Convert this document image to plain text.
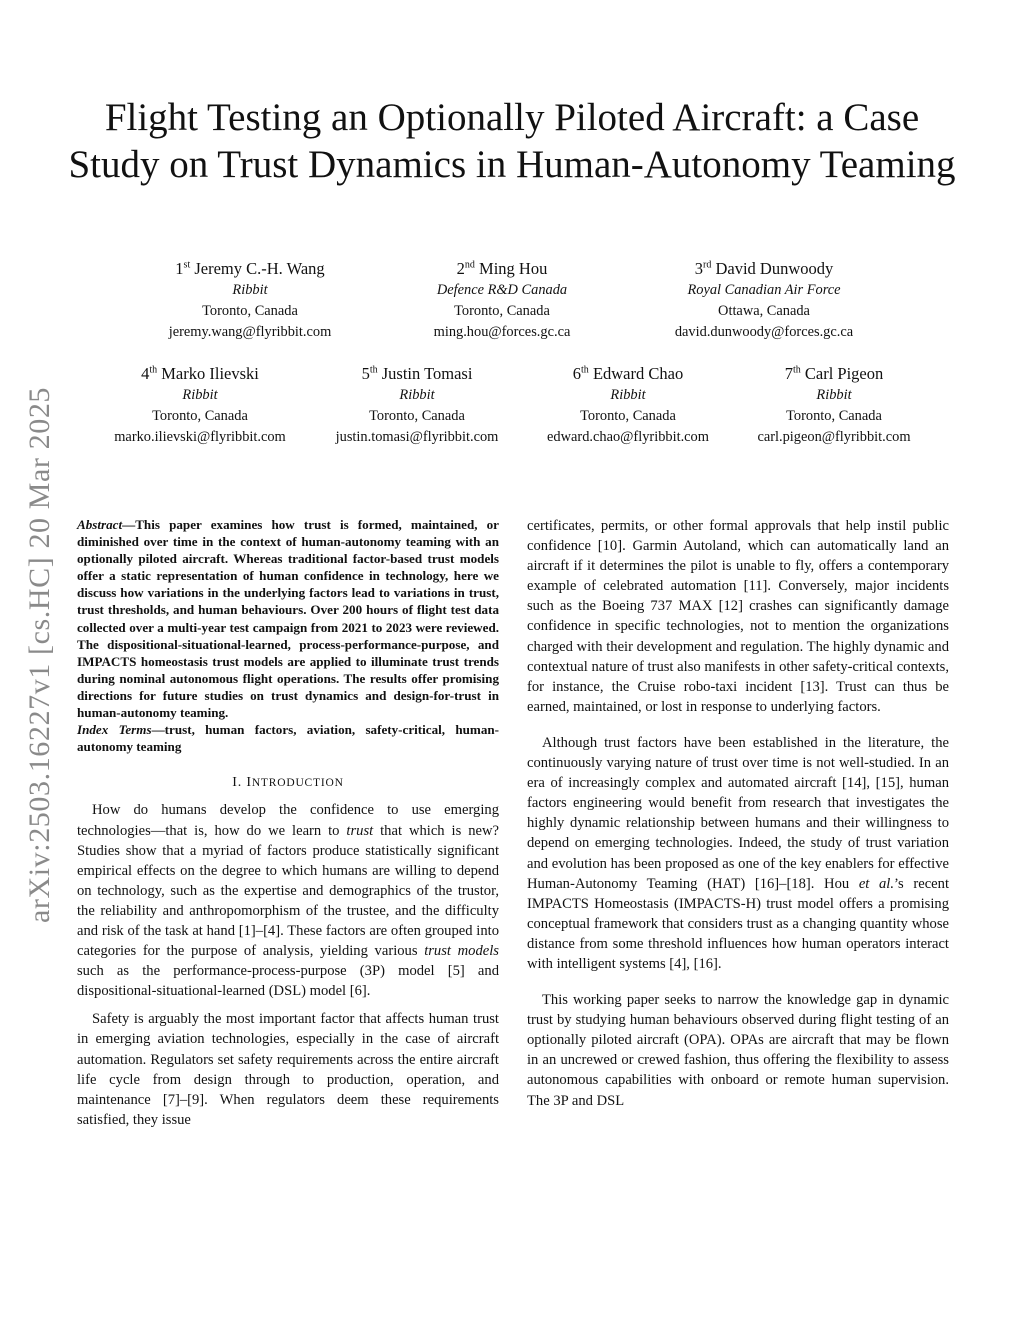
arXiv:2503.16227v1 [cs.HC] 20 Mar 2025
Flight Testing an Optionally Piloted Aircraft: a Case Study on Trust Dynamics in Human-Autonomy Teaming
1st Jeremy C.-H. Wang
Ribbit
Toronto, Canada
jeremy.wang@flyribbit.com
2nd Ming Hou
Defence R&D Canada
Toronto, Canada
ming.hou@forces.gc.ca
3rd David Dunwoody
Royal Canadian Air Force
Ottawa, Canada
david.dunwoody@forces.gc.ca
4th Marko Ilievski
Ribbit
Toronto, Canada
marko.ilievski@flyribbit.com
5th Justin Tomasi
Ribbit
Toronto, Canada
justin.tomasi@flyribbit.com
6th Edward Chao
Ribbit
Toronto, Canada
edward.chao@flyribbit.com
7th Carl Pigeon
Ribbit
Toronto, Canada
carl.pigeon@flyribbit.com
Abstract—This paper examines how trust is formed, maintained, or diminished over time in the context of human-autonomy teaming with an optionally piloted aircraft. Whereas traditional factor-based trust models offer a static representation of human confidence in technology, here we discuss how variations in the underlying factors lead to variations in trust, trust thresholds, and human behaviours. Over 200 hours of flight test data collected over a multi-year test campaign from 2021 to 2023 were reviewed. The dispositional-situational-learned, process-performance-purpose, and IMPACTS homeostasis trust models are applied to illuminate trust trends during nominal autonomous flight operations. The results offer promising directions for future studies on trust dynamics and design-for-trust in human-autonomy teaming.
Index Terms—trust, human factors, aviation, safety-critical, human-autonomy teaming
I. INTRODUCTION

How do humans develop the confidence to use emerging technologies—that is, how do we learn to trust that which is new? Studies show that a myriad of factors produce statistically significant empirical effects on the degree to which humans are willing to depend on technology, such as the expertise and demographics of the trustor, the reliability and anthropomorphism of the trustee, and the difficulty and risk of the task at hand [1]–[4]. These factors are often grouped into categories for the purpose of analysis, yielding various trust models such as the performance-process-purpose (3P) model [5] and dispositional-situational-learned (DSL) model [6].

Safety is arguably the most important factor that affects human trust in emerging aviation technologies, especially in the case of aircraft automation. Regulators set safety requirements across the entire aircraft life cycle from design through to production, operation, and maintenance [7]–[9]. When regulators deem these requirements satisfied, they issue

certificates, permits, or other formal approvals that help instil public confidence [10]. Garmin Autoland, which can automatically land an aircraft if it determines the pilot is unable to fly, offers a contemporary example of celebrated automation [11]. Conversely, major incidents such as the Boeing 737 MAX [12] crashes can significantly damage confidence in specific technologies, not to mention the organizations charged with their development and regulation. The highly dynamic and contextual nature of trust also manifests in other safety-critical contexts, for instance, the Cruise robo-taxi incident [13]. Trust can thus be earned, maintained, or lost in response to underlying factors.

Although trust factors have been established in the literature, the continuously varying nature of trust over time is not well-studied. In an era of increasingly complex and automated aircraft [14], [15], human factors engineering would benefit from research that investigates the highly dynamic relationship between humans and their willingness to depend on emerging technologies. Indeed, the study of trust variation and evolution has been proposed as one of the key enablers for effective Human-Autonomy Teaming (HAT) [16]–[18]. Hou et al.’s recent IMPACTS Homeostasis (IMPACTS-H) trust model offers a promising conceptual framework that considers trust as a changing quantity whose distance from some threshold influences how human operators interact with intelligent systems [4], [16].

This working paper seeks to narrow the knowledge gap in dynamic trust by studying human behaviours observed during flight testing of an optionally piloted aircraft (OPA). OPAs are aircraft that may be flown in an uncrewed or crewed fashion, thus offering the flexibility to assess autonomous capabilities with onboard or remote human supervision. The 3P and DSL
